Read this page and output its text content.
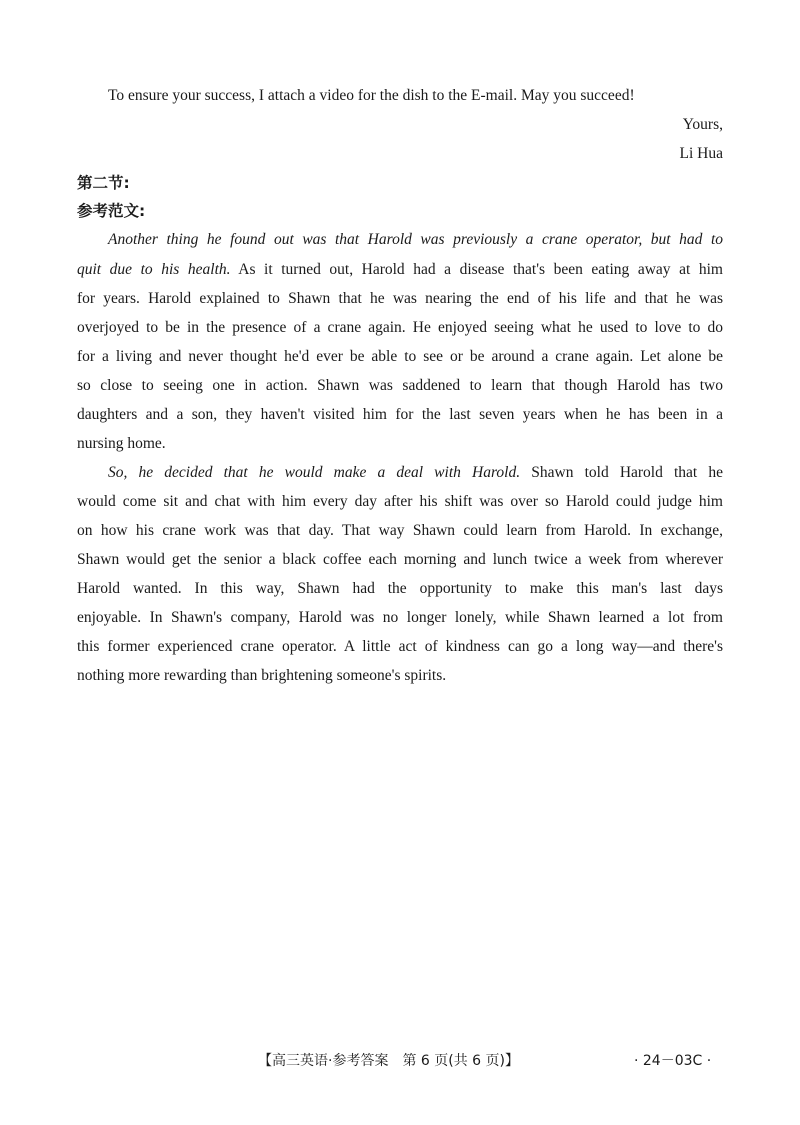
To ensure your success, I attach a video for the dish to the E-mail. May you succeed!
Yours,
Li Hua
第二节:
参考范文:
Another thing he found out was that Harold was previously a crane operator, but had to
quit due to his health. As it turned out, Harold had a disease that's been eating away at him
for years. Harold explained to Shawn that he was nearing the end of his life and that he was
overjoyed to be in the presence of a crane again. He enjoyed seeing what he used to love to do
for a living and never thought he'd ever be able to see or be around a crane again. Let alone be
so close to seeing one in action. Shawn was saddened to learn that though Harold has two
daughters and a son, they haven't visited him for the last seven years when he has been in a
nursing home.
So, he decided that he would make a deal with Harold. Shawn told Harold that he
would come sit and chat with him every day after his shift was over so Harold could judge him
on how his crane work was that day. That way Shawn could learn from Harold. In exchange,
Shawn would get the senior a black coffee each morning and lunch twice a week from wherever
Harold wanted. In this way, Shawn had the opportunity to make this man's last days
enjoyable. In Shawn's company, Harold was no longer lonely, while Shawn learned a lot from
this former experienced crane operator. A little act of kindness can go a long way—and there's
nothing more rewarding than brightening someone's spirits.
【高三英语·参考答案　第 6 页(共 6 页)】	· 24－03C ·
